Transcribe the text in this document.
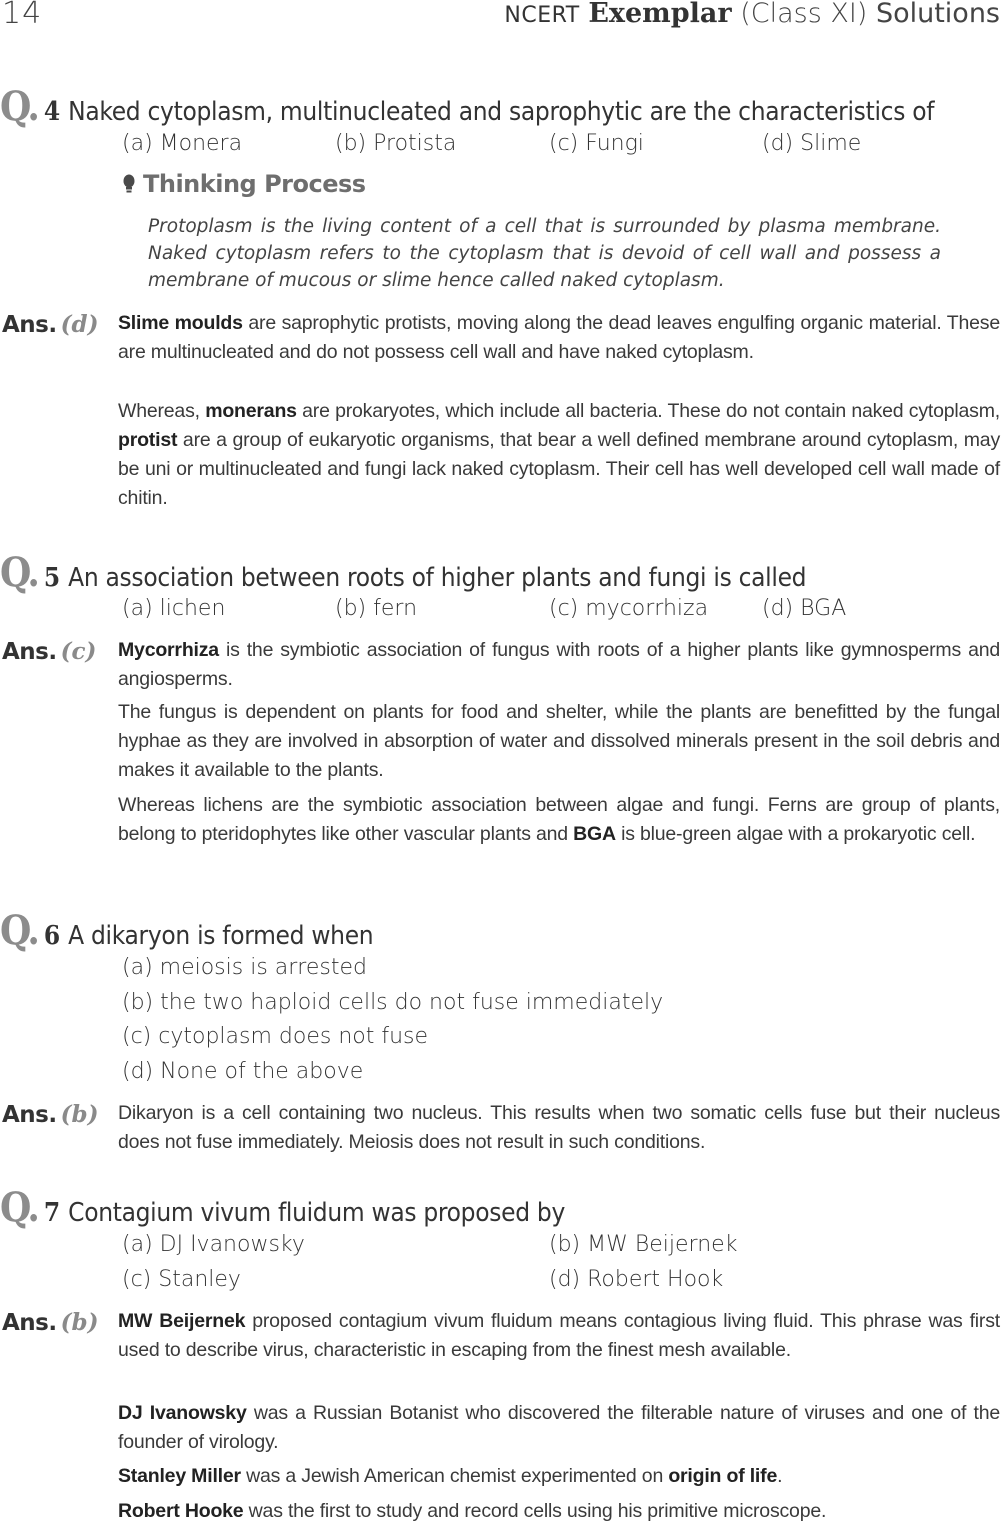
14	NCERT Exemplar (Class XI) Solutions
Q. 4 Naked cytoplasm, multinucleated and saprophytic are the characteristics of
(a) Monera	(b) Protista	(c) Fungi	(d) Slime
Thinking Process
Protoplasm is the living content of a cell that is surrounded by plasma membrane. Naked cytoplasm refers to the cytoplasm that is devoid of cell wall and possess a membrane of mucous or slime hence called naked cytoplasm.
Ans. (d) Slime moulds are saprophytic protists, moving along the dead leaves engulfing organic material. These are multinucleated and do not possess cell wall and have naked cytoplasm.
Whereas, monerans are prokaryotes, which include all bacteria. These do not contain naked cytoplasm, protist are a group of eukaryotic organisms, that bear a well defined membrane around cytoplasm, may be uni or multinucleated and fungi lack naked cytoplasm. Their cell has well developed cell wall made of chitin.
Q. 5 An association between roots of higher plants and fungi is called
(a) lichen	(b) fern	(c) mycorrhiza (d) BGA
Ans. (c) Mycorrhiza is the symbiotic association of fungus with roots of a higher plants like gymnosperms and angiosperms.
The fungus is dependent on plants for food and shelter, while the plants are benefitted by the fungal hyphae as they are involved in absorption of water and dissolved minerals present in the soil debris and makes it available to the plants.
Whereas lichens are the symbiotic association between algae and fungi. Ferns are group of plants, belong to pteridophytes like other vascular plants and BGA is blue-green algae with a prokaryotic cell.
Q. 6 A dikaryon is formed when
(a) meiosis is arrested
(b) the two haploid cells do not fuse immediately
(c) cytoplasm does not fuse
(d) None of the above
Ans. (b) Dikaryon is a cell containing two nucleus. This results when two somatic cells fuse but their nucleus does not fuse immediately. Meiosis does not result in such conditions.
Q. 7 Contagium vivum fluidum was proposed by
(a) DJ Ivanowsky	(b) MW Beijernek
(c) Stanley	(d) Robert Hook
Ans. (b) MW Beijernek proposed contagium vivum fluidum means contagious living fluid. This phrase was first used to describe virus, characteristic in escaping from the finest mesh available.
DJ Ivanowsky was a Russian Botanist who discovered the filterable nature of viruses and one of the founder of virology.
Stanley Miller was a Jewish American chemist experimented on origin of life.
Robert Hooke was the first to study and record cells using his primitive microscope.
